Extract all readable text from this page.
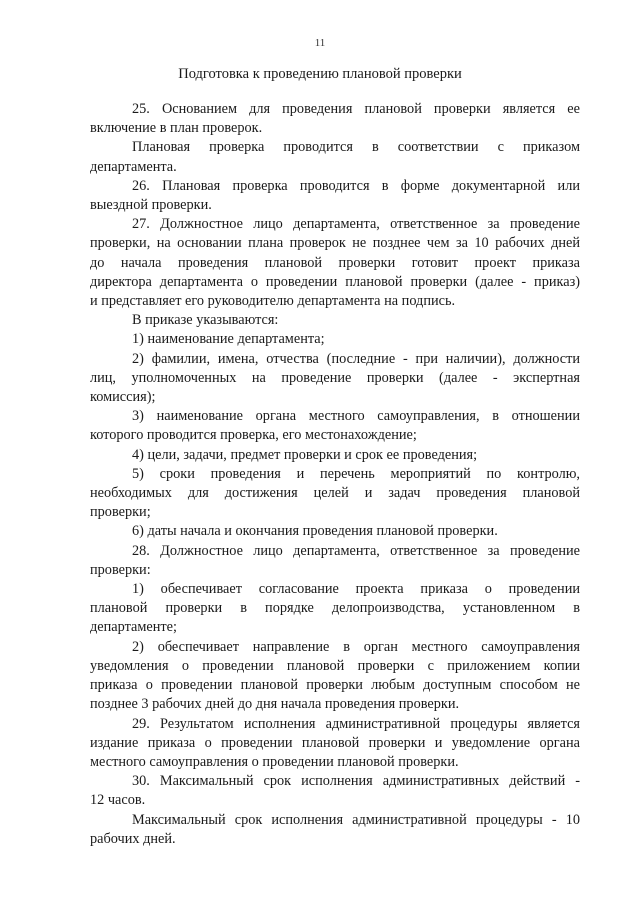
11
Подготовка к проведению плановой проверки
25. Основанием для проведения плановой проверки является ее
включение в план проверок.
Плановая проверка проводится в соответствии с приказом
департамента.
26. Плановая проверка проводится в форме документарной или
выездной проверки.
27. Должностное лицо департамента, ответственное за проведение
проверки, на основании плана проверок не позднее чем за 10 рабочих дней
до начала проведения плановой проверки готовит проект приказа
директора департамента о проведении плановой проверки (далее - приказ)
и представляет его руководителю департамента на подпись.
В приказе указываются:
1) наименование департамента;
2) фамилии, имена, отчества (последние - при наличии), должности
лиц, уполномоченных на проведение проверки (далее - экспертная
комиссия);
3) наименование органа местного самоуправления, в отношении
которого проводится проверка, его местонахождение;
4) цели, задачи, предмет проверки и срок ее проведения;
5) сроки проведения и перечень мероприятий по контролю,
необходимых для достижения целей и задач проведения плановой
проверки;
6) даты начала и окончания проведения плановой проверки.
28. Должностное лицо департамента, ответственное за проведение
проверки:
1) обеспечивает согласование проекта приказа о проведении
плановой проверки в порядке делопроизводства, установленном в
департаменте;
2) обеспечивает направление в орган местного самоуправления
уведомления о проведении плановой проверки с приложением копии
приказа о проведении плановой проверки любым доступным способом не
позднее 3 рабочих дней до дня начала проведения проверки.
29. Результатом исполнения административной процедуры является
издание приказа о проведении плановой проверки и уведомление органа
местного самоуправления о проведении плановой проверки.
30. Максимальный срок исполнения административных действий -
12 часов.
Максимальный срок исполнения административной процедуры - 10
рабочих дней.
